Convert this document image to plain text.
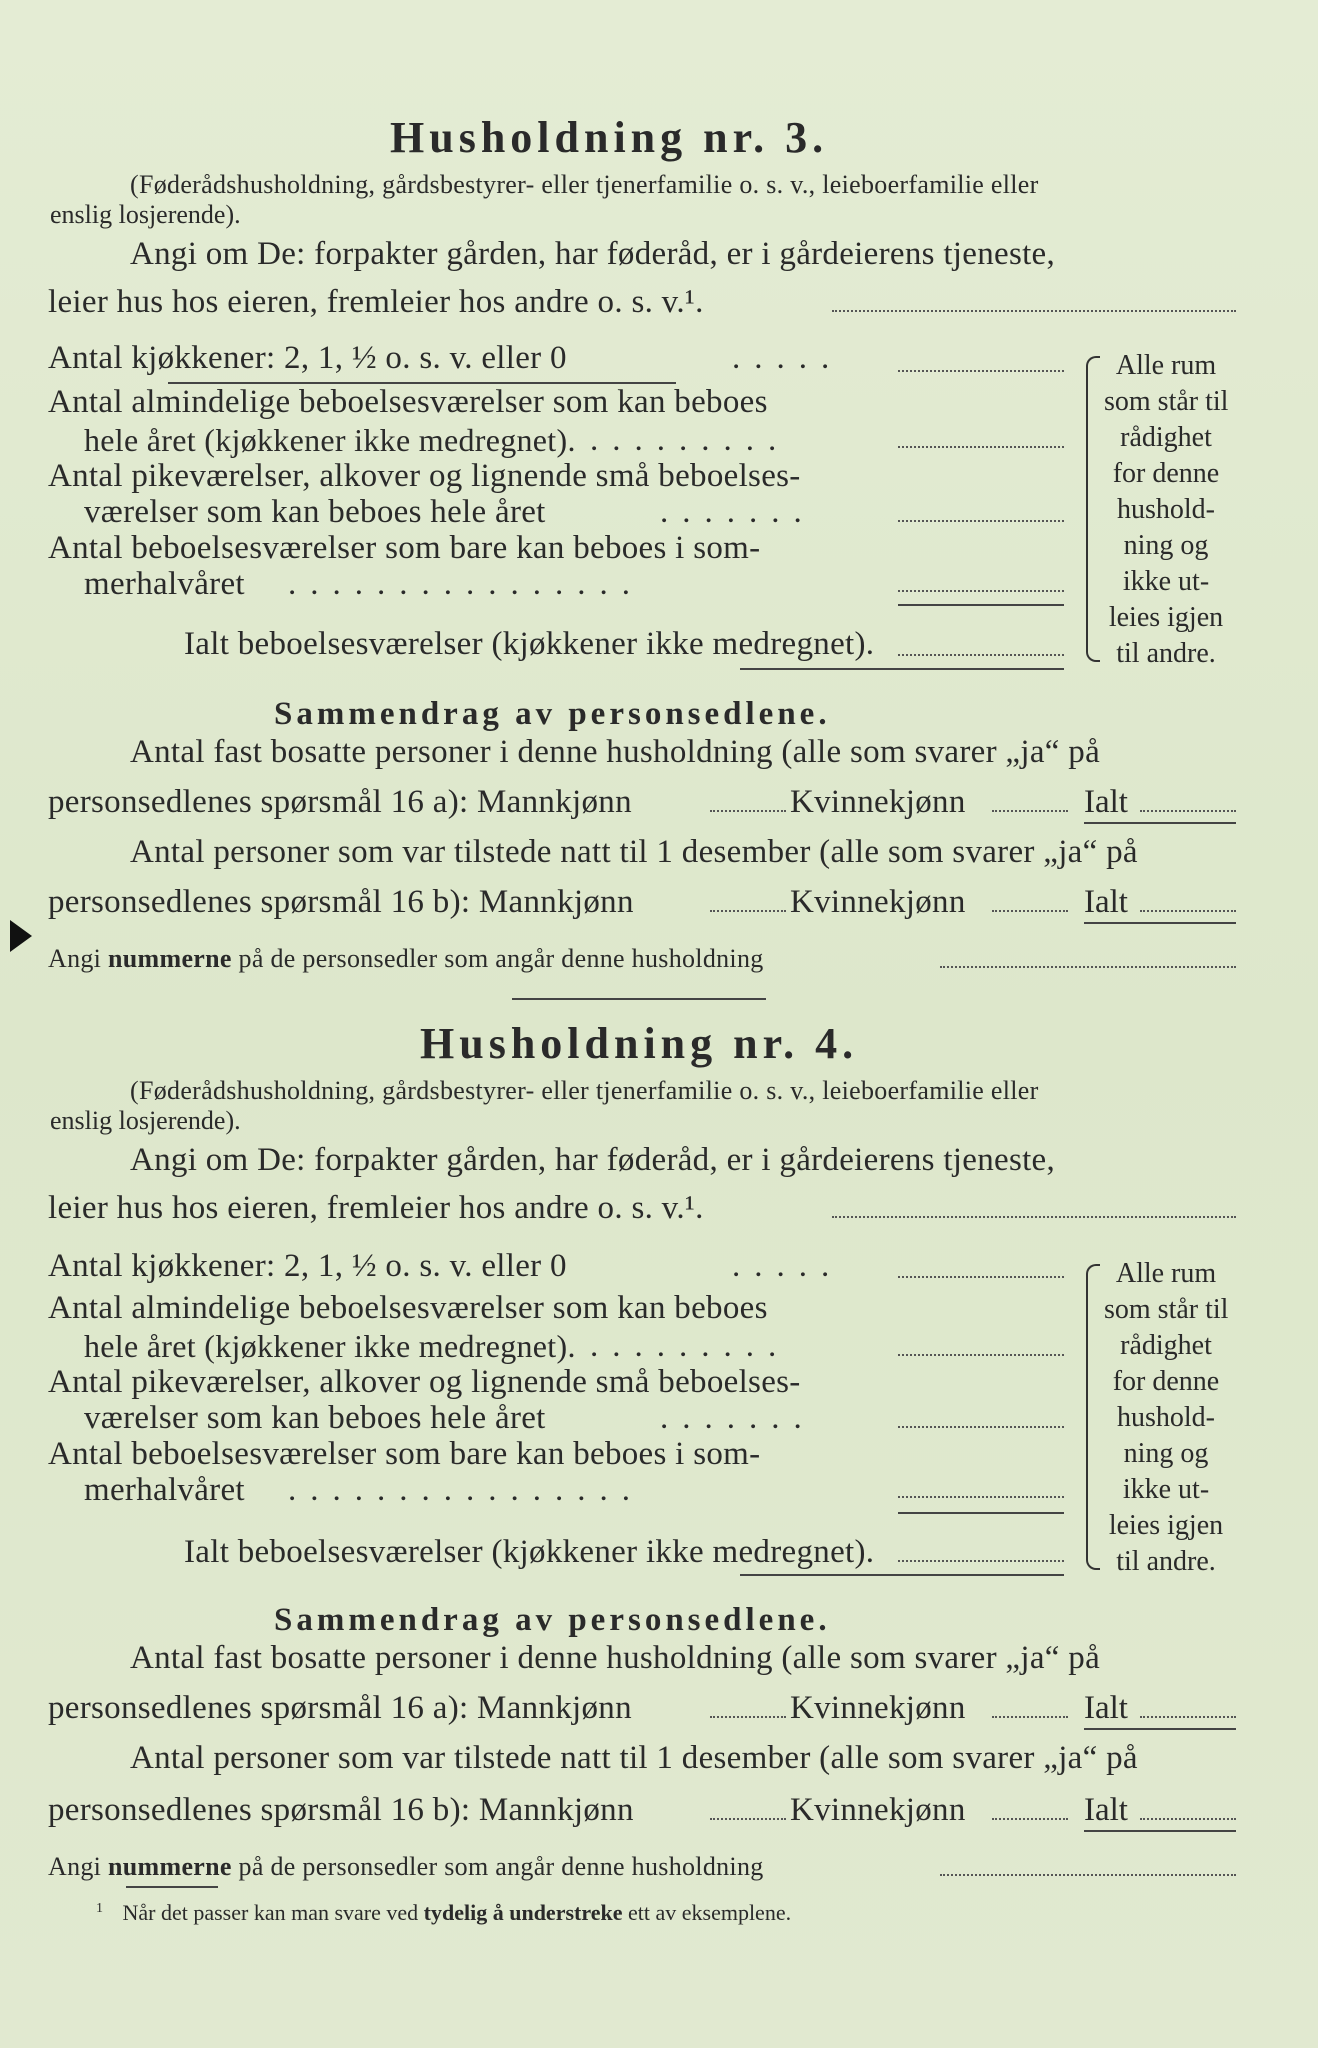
Husholdning nr. 3.
(Føderådshusholdning, gårdsbestyrer- eller tjenerfamilie o. s. v., leieboerfamilie eller
enslig losjerende).
Angi om De: forpakter gården, har føderåd, er i gårdeierens tjeneste,
leier hus hos eieren, fremleier hos andre o. s. v.¹.
Antal kjøkkener: 2, 1, ½ o. s. v. eller 0	.....
Antal almindelige beboelsesværelser som kan beboes
hele året (kjøkkener ikke medregnet). .........
Antal pikeværelser, alkover og lignende små beboelses-
værelser som kan beboes hele året	.......
Antal beboelsesværelser som bare kan beboes i som-
merhalvåret ................
Ialt beboelsesværelser (kjøkkener ikke medregnet).
Alle rum
som står til
rådighet
for denne
hushold-
ning og
ikke ut-
leies igjen
til andre.
Sammendrag av personsedlene.
Antal fast bosatte personer i denne husholdning (alle som svarer „ja“ på
personsedlenes spørsmål 16 a): Mannkjønn	Kvinnekjønn	Ialt
Antal personer som var tilstede natt til 1 desember (alle som svarer „ja“ på
personsedlenes spørsmål 16 b): Mannkjønn	Kvinnekjønn	Ialt
Angi nummerne på de personsedler som angår denne husholdning
Husholdning nr. 4.
(Føderådshusholdning, gårdsbestyrer- eller tjenerfamilie o. s. v., leieboerfamilie eller
enslig losjerende).
Angi om De: forpakter gården, har føderåd, er i gårdeierens tjeneste,
leier hus hos eieren, fremleier hos andre o. s. v.¹.
Antal kjøkkener: 2, 1, ½ o. s. v. eller 0	.....
Antal almindelige beboelsesværelser som kan beboes
hele året (kjøkkener ikke medregnet). .........
Antal pikeværelser, alkover og lignende små beboelses-
værelser som kan beboes hele året	.......
Antal beboelsesværelser som bare kan beboes i som-
merhalvåret ................
Ialt beboelsesværelser (kjøkkener ikke medregnet).
Alle rum
som står til
rådighet
for denne
hushold-
ning og
ikke ut-
leies igjen
til andre.
Sammendrag av personsedlene.
Antal fast bosatte personer i denne husholdning (alle som svarer „ja“ på
personsedlenes spørsmål 16 a): Mannkjønn	Kvinnekjønn	Ialt
Antal personer som var tilstede natt til 1 desember (alle som svarer „ja“ på
personsedlenes spørsmål 16 b): Mannkjønn	Kvinnekjønn	Ialt
Angi nummerne på de personsedler som angår denne husholdning
$^1$ Når det passer kan man svare ved tydelig å understreke ett av eksemplene.
